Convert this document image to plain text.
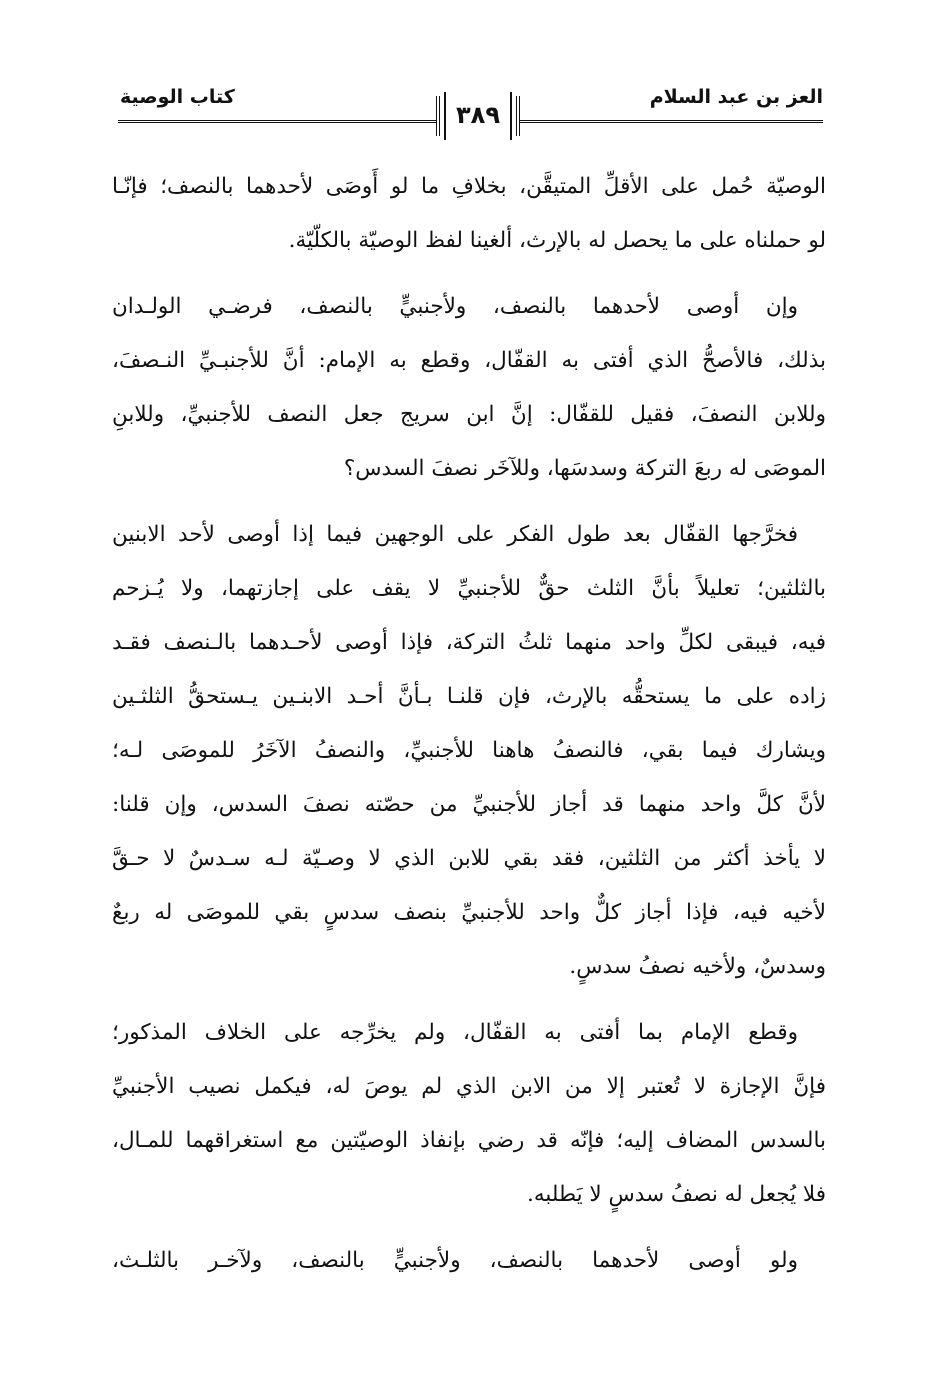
العز بن عبد السلام
٣٨٩
كتاب الوصية

الوصيّة حُمل على الأقلِّ المتيقَّن، بخلافِ ما لو أَوصَى لأحدهما بالنصف؛ فإنّـا
لو حملناه على ما يحصل له بالإرث، ألغينا لفظ الوصيّة بالكلّيّة.

وإن أوصى لأحدهما بالنصف، ولأجنبيٍّ بالنصف، فرضـي الولـدان
بذلك، فالأصحُّ الذي أفتى به القفّال، وقطع به الإمام: أنَّ للأجنبـيِّ النـصفَ،
وللابن النصفَ، فقيل للقفّال: إنَّ ابن سريج جعل النصف للأجنبيِّ، وللابنِ
الموصَى له ربعَ التركة وسدسَها، وللآخَر نصفَ السدس؟

فخرَّجها القفّال بعد طول الفكر على الوجهين فيما إذا أوصى لأحد الابنين
بالثلثين؛ تعليلاً بأنَّ الثلث حقٌّ للأجنبيِّ لا يقف على إجازتهما، ولا يُـزحم
فيه، فيبقى لكلِّ واحد منهما ثلثُ التركة، فإذا أوصى لأحـدهما بالـنصف فقـد
زاده على ما يستحقُّه بالإرث، فإن قلنـا بـأنَّ أحـد الابنـين يـستحقُّ الثلثـين
ويشارك فيما بقي، فالنصفُ هاهنا للأجنبيِّ، والنصفُ الآخَرُ للموصَى لـه؛
لأنَّ كلَّ واحد منهما قد أجاز للأجنبيِّ من حصّته نصفَ السدس، وإن قلنا:
لا يأخذ أكثر من الثلثين، فقد بقي للابن الذي لا وصـيّة لـه سـدسٌ لا حـقَّ
لأخيه فيه، فإذا أجاز كلٌّ واحد للأجنبيِّ بنصف سدسٍ بقي للموصَى له ربعٌ
وسدسٌ، ولأخيه نصفُ سدسٍ.

وقطع الإمام بما أفتى به القفّال، ولم يخرِّجه على الخلاف المذكور؛
فإنَّ الإجازة لا تُعتبر إلا من الابن الذي لم يوصَ له، فيكمل نصيب الأجنبيِّ
بالسدس المضاف إليه؛ فإنّه قد رضي بإنفاذ الوصيّتين مع استغراقهما للمـال،
فلا يُجعل له نصفُ سدسٍ لا يَطلبه.

ولو أوصى لأحدهما بالنصف، ولأجنبيٍّ بالنصف، ولآخـر بالثلـث،
